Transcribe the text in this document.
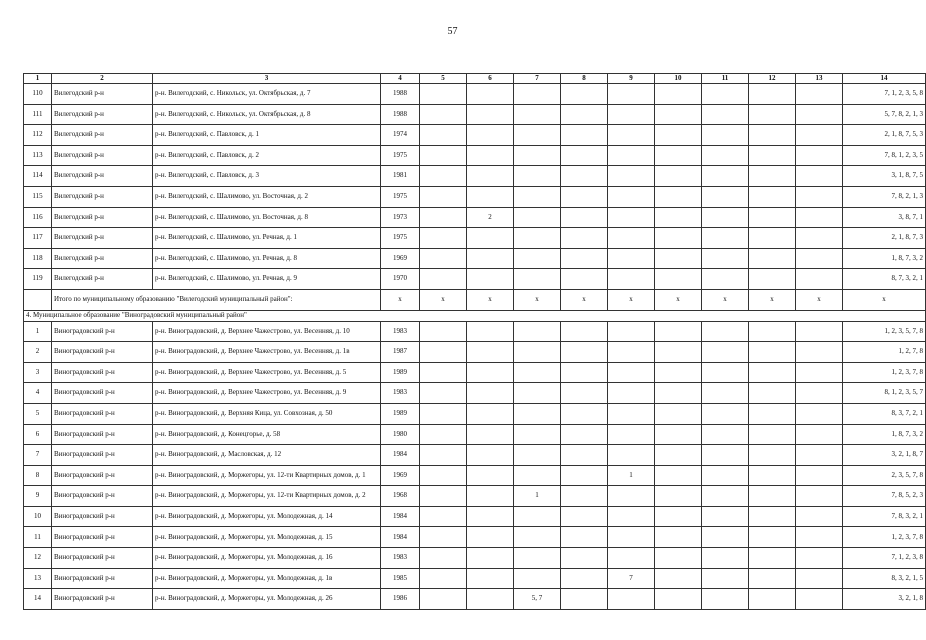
57
1	2	3	4	5	6	7	8	9	10	11	12	13	14
110	Вилегодский р-н	р-н. Вилегодский, с. Никольск, ул. Октябрьская, д. 7	1988										7, 1, 2, 3, 5, 8
111	Вилегодский р-н	р-н. Вилегодский, с. Никольск, ул. Октябрьская, д. 8	1988										5, 7, 8, 2, 1, 3
112	Вилегодский р-н	р-н. Вилегодский, с. Павловск, д. 1	1974										2, 1, 8, 7, 5, 3
113	Вилегодский р-н	р-н. Вилегодский, с. Павловск, д. 2	1975										7, 8, 1, 2, 3, 5
114	Вилегодский р-н	р-н. Вилегодский, с. Павловск, д. 3	1981										3, 1, 8, 7, 5
115	Вилегодский р-н	р-н. Вилегодский, с. Шалимово, ул. Восточная, д. 2	1975										7, 8, 2, 1, 3
116	Вилегодский р-н	р-н. Вилегодский, с. Шалимово, ул. Восточная, д. 8	1973		2								3, 8, 7, 1
117	Вилегодский р-н	р-н. Вилегодский, с. Шалимово, ул. Речная, д. 1	1975										2, 1, 8, 7, 3
118	Вилегодский р-н	р-н. Вилегодский, с. Шалимово, ул. Речная, д. 8	1969										1, 8, 7, 3, 2
119	Вилегодский р-н	р-н. Вилегодский, с. Шалимово, ул. Речная, д. 9	1970										8, 7, 3, 2, 1
	Итого по муниципальному образованию "Вилегодский муниципальный район":		x	x	x	x	x	x	x	x	x	x	x
4. Муниципальное образование "Виноградовский муниципальный район"													
1	Виноградовский р-н	р-н. Виноградовский, д. Верхнее Чажестрово, ул. Весенняя, д. 10	1983										1, 2, 3, 5, 7, 8
2	Виноградовский р-н	р-н. Виноградовский, д. Верхнее Чажестрово, ул. Весенняя, д. 1в	1987										1, 2, 7, 8
3	Виноградовский р-н	р-н. Виноградовский, д. Верхнее Чажестрово, ул. Весенняя, д. 5	1989										1, 2, 3, 7, 8
4	Виноградовский р-н	р-н. Виноградовский, д. Верхнее Чажестрово, ул. Весенняя, д. 9	1983										8, 1, 2, 3, 5, 7
5	Виноградовский р-н	р-н. Виноградовский, д. Верхняя Кица, ул. Совхозная, д. 50	1989										8, 3, 7, 2, 1
6	Виноградовский р-н	р-н. Виноградовский, д. Конецгорье, д. 58	1980										1, 8, 7, 3, 2
7	Виноградовский р-н	р-н. Виноградовский, д. Масловская, д. 12	1984										3, 2, 1, 8, 7
8	Виноградовский р-н	р-н. Виноградовский, д. Моржегоры, ул. 12-ти Квартирных домов, д. 1	1969					1					2, 3, 5, 7, 8
9	Виноградовский р-н	р-н. Виноградовский, д. Моржегоры, ул. 12-ти Квартирных домов, д. 2	1968			1							7, 8, 5, 2, 3
10	Виноградовский р-н	р-н. Виноградовский, д. Моржегоры, ул. Молодежная, д. 14	1984										7, 8, 3, 2, 1
11	Виноградовский р-н	р-н. Виноградовский, д. Моржегоры, ул. Молодежная, д. 15	1984										1, 2, 3, 7, 8
12	Виноградовский р-н	р-н. Виноградовский, д. Моржегоры, ул. Молодежная, д. 16	1983										7, 1, 2, 3, 8
13	Виноградовский р-н	р-н. Виноградовский, д. Моржегоры, ул. Молодежная, д. 1в	1985					7					8, 3, 2, 1, 5
14	Виноградовский р-н	р-н. Виноградовский, д. Моржегоры, ул. Молодежная, д. 26	1986			5, 7							3, 2, 1, 8
